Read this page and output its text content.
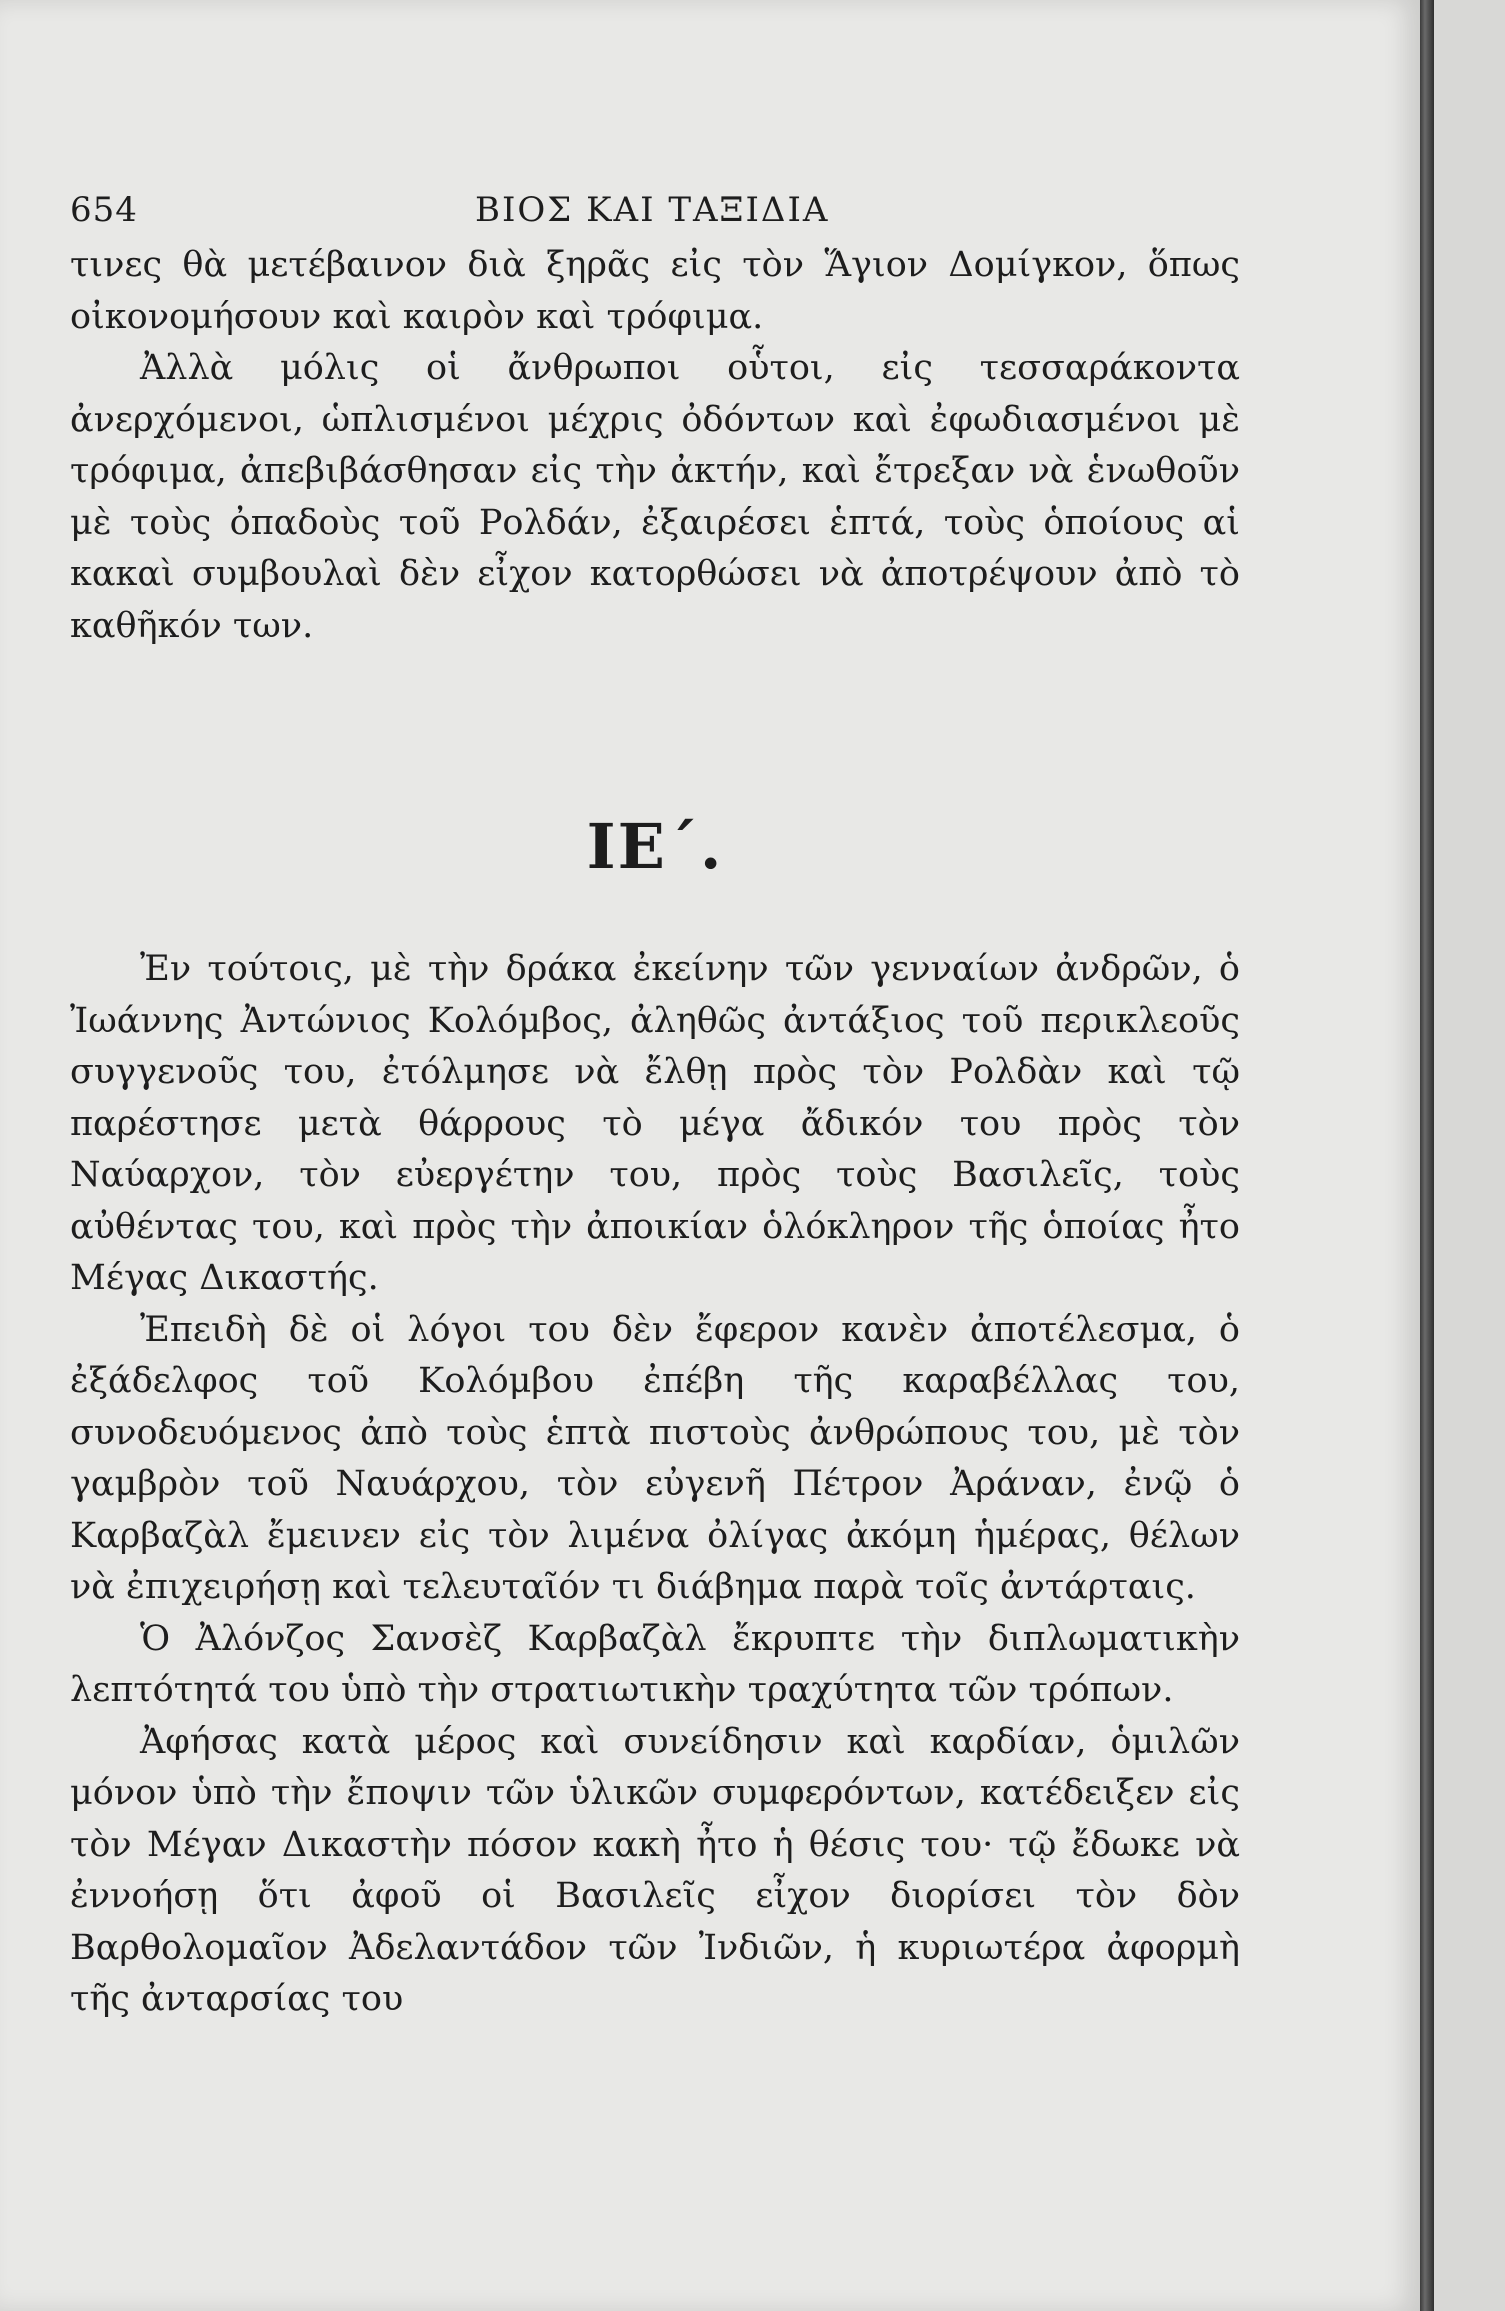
654	ΒΙΟΣ ΚΑΙ ΤΑΞΙΔΙΑ

τινες θὰ μετέβαινον διὰ ξηρᾶς εἰς τὸν Ἅγιον Δομίγκον, ὅπως οἰκονομήσουν καὶ καιρὸν καὶ τρόφιμα.

Ἀλλὰ μόλις οἱ ἄνθρωποι οὗτοι, εἰς τεσσαράκοντα ἀνερχόμενοι, ὡπλισμένοι μέχρις ὀδόντων καὶ ἐφωδιασμένοι μὲ τρόφιμα, ἀπεβιβάσθησαν εἰς τὴν ἀκτήν, καὶ ἔτρεξαν νὰ ἑνωθοῦν μὲ τοὺς ὀπαδοὺς τοῦ Ρολδάν, ἐξαιρέσει ἑπτά, τοὺς ὁποίους αἱ κακαὶ συμβουλαὶ δὲν εἶχον κατορθώσει νὰ ἀποτρέψουν ἀπὸ τὸ καθῆκόν των.

ΙΕ΄.

Ἐν τούτοις, μὲ τὴν δράκα ἐκείνην τῶν γενναίων ἀνδρῶν, ὁ Ἰωάννης Ἀντώνιος Κολόμβος, ἀληθῶς ἀντάξιος τοῦ περικλεοῦς συγγενοῦς του, ἐτόλμησε νὰ ἔλθῃ πρὸς τὸν Ρολδὰν καὶ τῷ παρέστησε μετὰ θάρρους τὸ μέγα ἄδικόν του πρὸς τὸν Ναύαρχον, τὸν εὐεργέτην του, πρὸς τοὺς Βασιλεῖς, τοὺς αὐθέντας του, καὶ πρὸς τὴν ἀποικίαν ὁλόκληρον τῆς ὁποίας ἦτο Μέγας Δικαστής.

Ἐπειδὴ δὲ οἱ λόγοι του δὲν ἔφερον κανὲν ἀποτέλεσμα, ὁ ἐξάδελφος τοῦ Κολόμβου ἐπέβη τῆς καραβέλλας του, συνοδευόμενος ἀπὸ τοὺς ἑπτὰ πιστοὺς ἀνθρώπους του, μὲ τὸν γαμβρὸν τοῦ Ναυάρχου, τὸν εὐγενῆ Πέτρον Ἀράναν, ἐνῷ ὁ Καρβαζὰλ ἔμεινεν εἰς τὸν λιμένα ὀλίγας ἀκόμη ἡμέρας, θέλων νὰ ἐπιχειρήσῃ καὶ τελευταῖόν τι διάβημα παρὰ τοῖς ἀντάρταις.

Ὁ Ἀλόνζος Σανσὲζ Καρβαζὰλ ἔκρυπτε τὴν διπλωματικὴν λεπτότητά του ὑπὸ τὴν στρατιωτικὴν τραχύτητα τῶν τρόπων.

Ἀφήσας κατὰ μέρος καὶ συνείδησιν καὶ καρδίαν, ὁμιλῶν μόνον ὑπὸ τὴν ἔποψιν τῶν ὑλικῶν συμφερόντων, κατέδειξεν εἰς τὸν Μέγαν Δικαστὴν πόσον κακὴ ἦτο ἡ θέσις του· τῷ ἔδωκε νὰ ἐννοήσῃ ὅτι ἀφοῦ οἱ Βασιλεῖς εἶχον διορίσει τὸν δὸν Βαρθολομαῖον Ἀδελαντάδον τῶν Ἰνδιῶν, ἡ κυριωτέρα ἀφορμὴ τῆς ἀνταρσίας του
